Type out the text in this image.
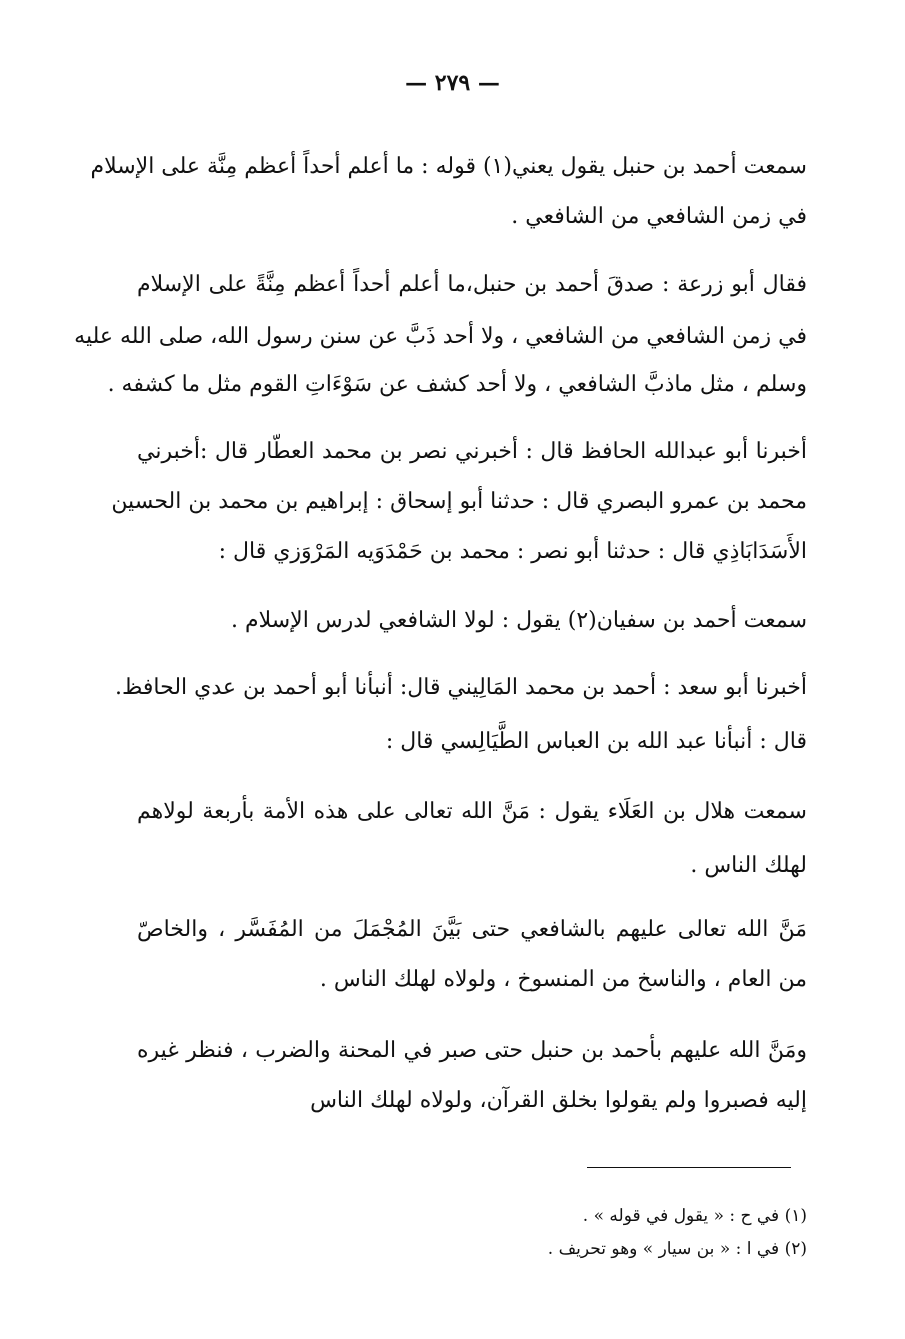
— ٢٧٩ —
سمعت أحمد بن حنبل يقول يعني(١) قوله : ما أعلم أحداً أعظم مِنَّة على الإسلام
في زمن الشافعي من الشافعي .
فقال أبو زرعة : صدقَ أحمد بن حنبل،ما أعلم أحداً أعظم مِنَّةً على الإسلام
في زمن الشافعي من الشافعي ، ولا أحد ذَبَّ عن سنن رسول الله، صلى الله عليه
وسلم ، مثل ماذبَّ الشافعي ، ولا أحد كشف عن سَوْءَاتِ القوم مثل ما كشفه .
أخبرنا أبو عبدالله الحافظ قال : أخبرني نصر بن محمد العطّار قال :أخبرني
محمد بن عمرو البصري قال : حدثنا أبو إسحاق : إبراهيم بن محمد بن الحسين
الأَسَدَابَاذِي قال : حدثنا أبو نصر : محمد بن حَمْدَوَيه المَرْوَزي قال :
سمعت أحمد بن سفيان(٢) يقول : لولا الشافعي لدرس الإسلام .
أخبرنا أبو سعد : أحمد بن محمد المَالِيني قال: أنبأنا أبو أحمد بن عدي الحافظ.
قال : أنبأنا عبد الله بن العباس الطَّيَالِسي قال :
سمعت هلال بن العَلَاء يقول : مَنَّ الله تعالى على هذه الأمة بأربعة لولاهم
لهلك الناس .
مَنَّ الله تعالى عليهم بالشافعي حتى بَيَّنَ المُجْمَلَ من المُفَسَّر ، والخاصّ
من العام ، والناسخ من المنسوخ ، ولولاه لهلك الناس .
ومَنَّ الله عليهم بأحمد بن حنبل حتى صبر في المحنة والضرب ، فنظر غيره
إليه فصبروا ولم يقولوا بخلق القرآن، ولولاه لهلك الناس
(١) في ح : « يقول في قوله » .
(٢) في ا : « بن سيار » وهو تحريف .
